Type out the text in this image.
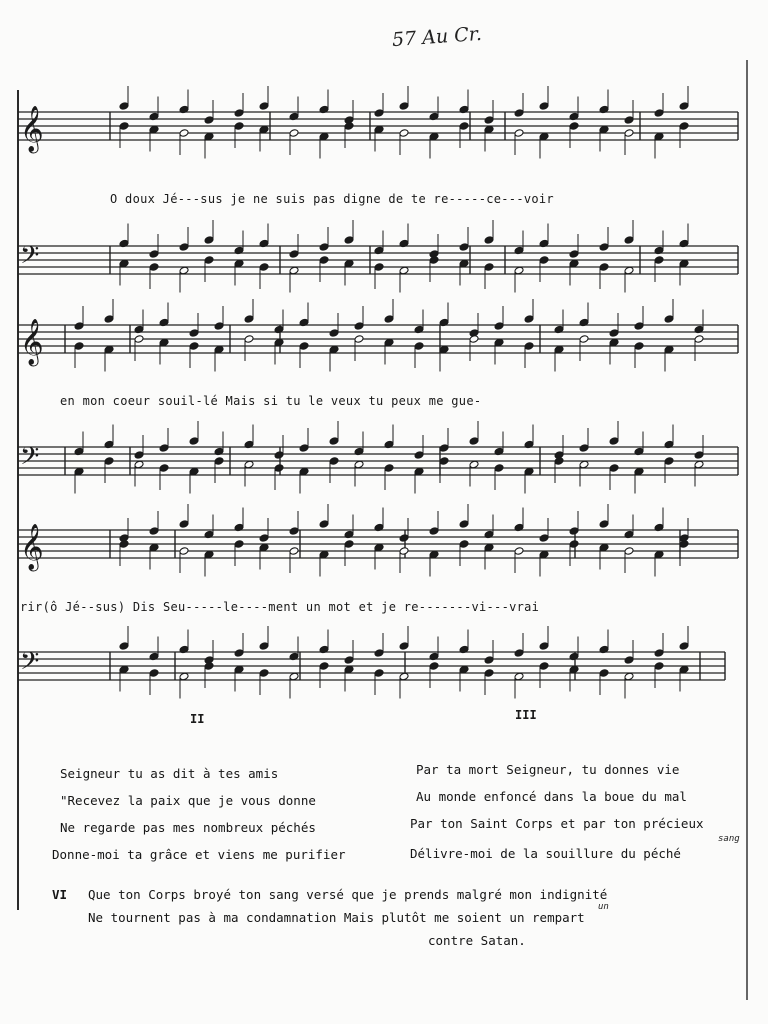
57 Au Cr.
𝄞
𝄢
𝄞
𝄢
𝄞
𝄢
O doux Jé---sus je ne suis pas digne de te re-----ce---voir
en mon coeur souil-lé Mais si tu le veux tu peux me gue-
rir(ô Jé--sus) Dis Seu-----le----ment un mot et je re-------vi---vrai
II	III
Seigneur tu as dit à tes amis
"Recevez la paix que je vous donne
Ne regarde pas mes nombreux péchés
Donne-moi ta grâce et viens me purifier
Par ta mort Seigneur, tu donnes vie
Au monde enfoncé dans la boue du mal
Par ton Saint Corps et par ton précieux
sang
Délivre-moi de la souillure du péché
VI Que ton Corps broyé ton sang versé que je prends malgré mon indignité
un
Ne tournent pas à ma condamnation Mais plutôt me soient un rempart
contre Satan.
